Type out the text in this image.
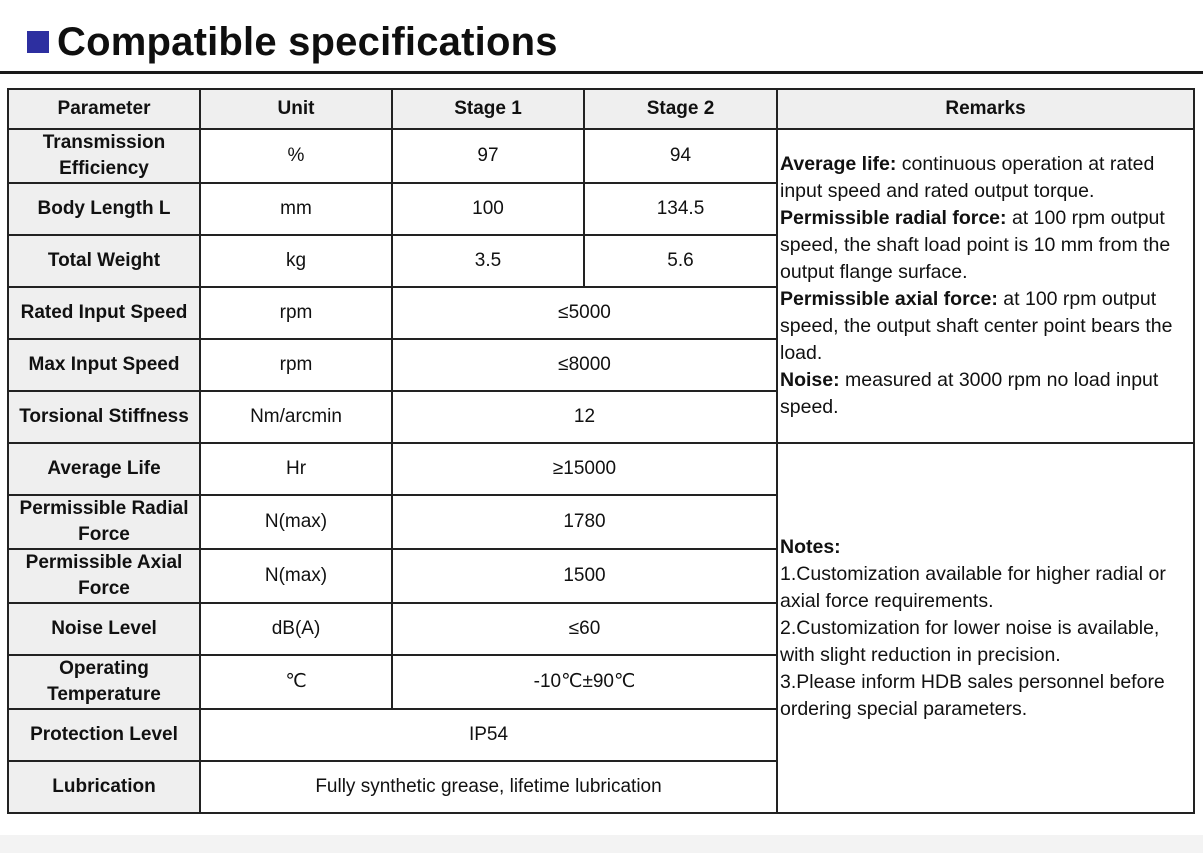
Compatible specifications
Parameter	Unit	Stage 1	Stage 2	Remarks
Transmission Efficiency	%	97	94	Average life: continuous operation at rated input speed and rated output torque.
Permissible radial force: at 100 rpm output speed, the shaft load point is 10 mm from the output flange surface.
Permissible axial force: at 100 rpm output speed, the output shaft center point bears the load.
Noise: measured at 3000 rpm no load input speed.

Body Length L	mm	100	134.5	
Total Weight	kg	3.5	5.6	
Rated Input Speed	rpm	≤5000		
Max Input Speed	rpm	≤8000		
Torsional Stiffness	Nm/arcmin	12		
Average Life	Hr	≥15000		Notes:
1.Customization available for higher radial or axial force requirements.
2.Customization for lower noise is available, with slight reduction in precision.
3.Please inform HDB sales personnel before ordering special parameters.

Permissible Radial Force	N(max)	1780		
Permissible Axial Force	N(max)	1500		
Noise Level	dB(A)	≤60		
Operating Temperature	℃	-10℃±90℃		
Protection Level	IP54			
Lubrication	Fully synthetic grease, lifetime lubrication			
